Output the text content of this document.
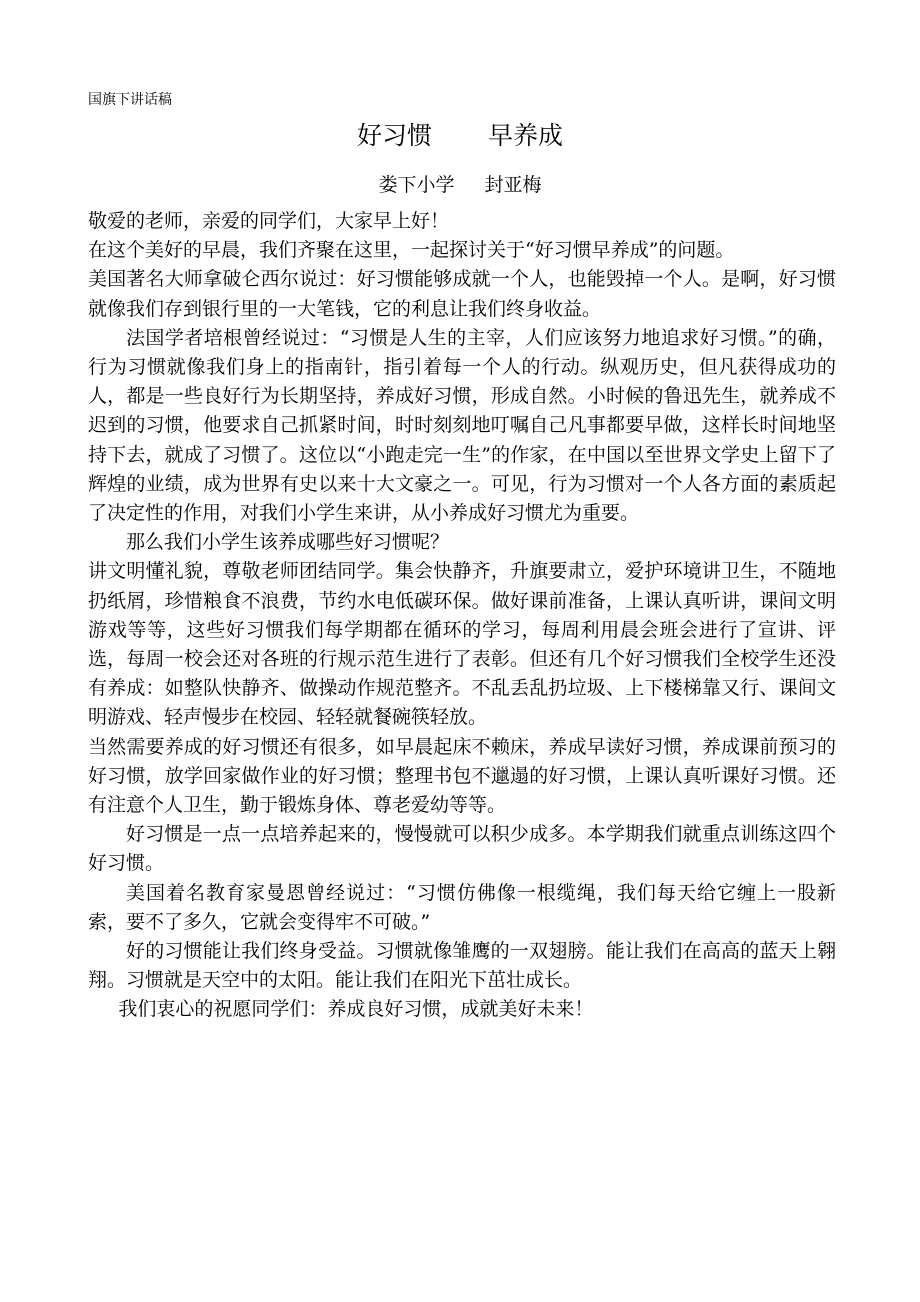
国旗下讲话稿
好习惯 早养成
娄下小学 封亚梅

敬爱的老师，亲爱的同学们，大家早上好！

在这个美好的早晨，我们齐聚在这里，一起探讨关于“好习惯早养成”的问题。

美国著名大师拿破仑西尔说过：好习惯能够成就一个人，也能毁掉一个人。是啊，好习惯就像我们存到银行里的一大笔钱，它的利息让我们终身收益。

法国学者培根曾经说过：“习惯是人生的主宰，人们应该努力地追求好习惯。”的确，行为习惯就像我们身上的指南针，指引着每一个人的行动。纵观历史，但凡获得成功的人，都是一些良好行为长期坚持，养成好习惯，形成自然。小时候的鲁迅先生，就养成不迟到的习惯，他要求自己抓紧时间，时时刻刻地叮嘱自己凡事都要早做，这样长时间地坚持下去，就成了习惯了。这位以“小跑走完一生”的作家，在中国以至世界文学史上留下了辉煌的业绩，成为世界有史以来十大文豪之一。可见，行为习惯对一个人各方面的素质起了决定性的作用，对我们小学生来讲，从小养成好习惯尤为重要。

那么我们小学生该养成哪些好习惯呢？

讲文明懂礼貌，尊敬老师团结同学。集会快静齐，升旗要肃立，爱护环境讲卫生，不随地扔纸屑，珍惜粮食不浪费，节约水电低碳环保。做好课前准备，上课认真听讲，课间文明游戏等等，这些好习惯我们每学期都在循环的学习，每周利用晨会班会进行了宣讲、评选，每周一校会还对各班的行规示范生进行了表彰。但还有几个好习惯我们全校学生还没有养成：如整队快静齐、做操动作规范整齐。不乱丢乱扔垃圾、上下楼梯靠又行、课间文明游戏、轻声慢步在校园、轻轻就餐碗筷轻放。

当然需要养成的好习惯还有很多，如早晨起床不赖床，养成早读好习惯，养成课前预习的好习惯，放学回家做作业的好习惯；整理书包不邋遢的好习惯，上课认真听课好习惯。还有注意个人卫生，勤于锻炼身体、尊老爱幼等等。

好习惯是一点一点培养起来的，慢慢就可以积少成多。本学期我们就重点训练这四个好习惯。

美国着名教育家曼恩曾经说过：“习惯仿佛像一根缆绳，我们每天给它缠上一股新索，要不了多久，它就会变得牢不可破。”

好的习惯能让我们终身受益。习惯就像雏鹰的一双翅膀。能让我们在高高的蓝天上翱翔。习惯就是天空中的太阳。能让我们在阳光下茁壮成长。

我们衷心的祝愿同学们：养成良好习惯，成就美好未来！
